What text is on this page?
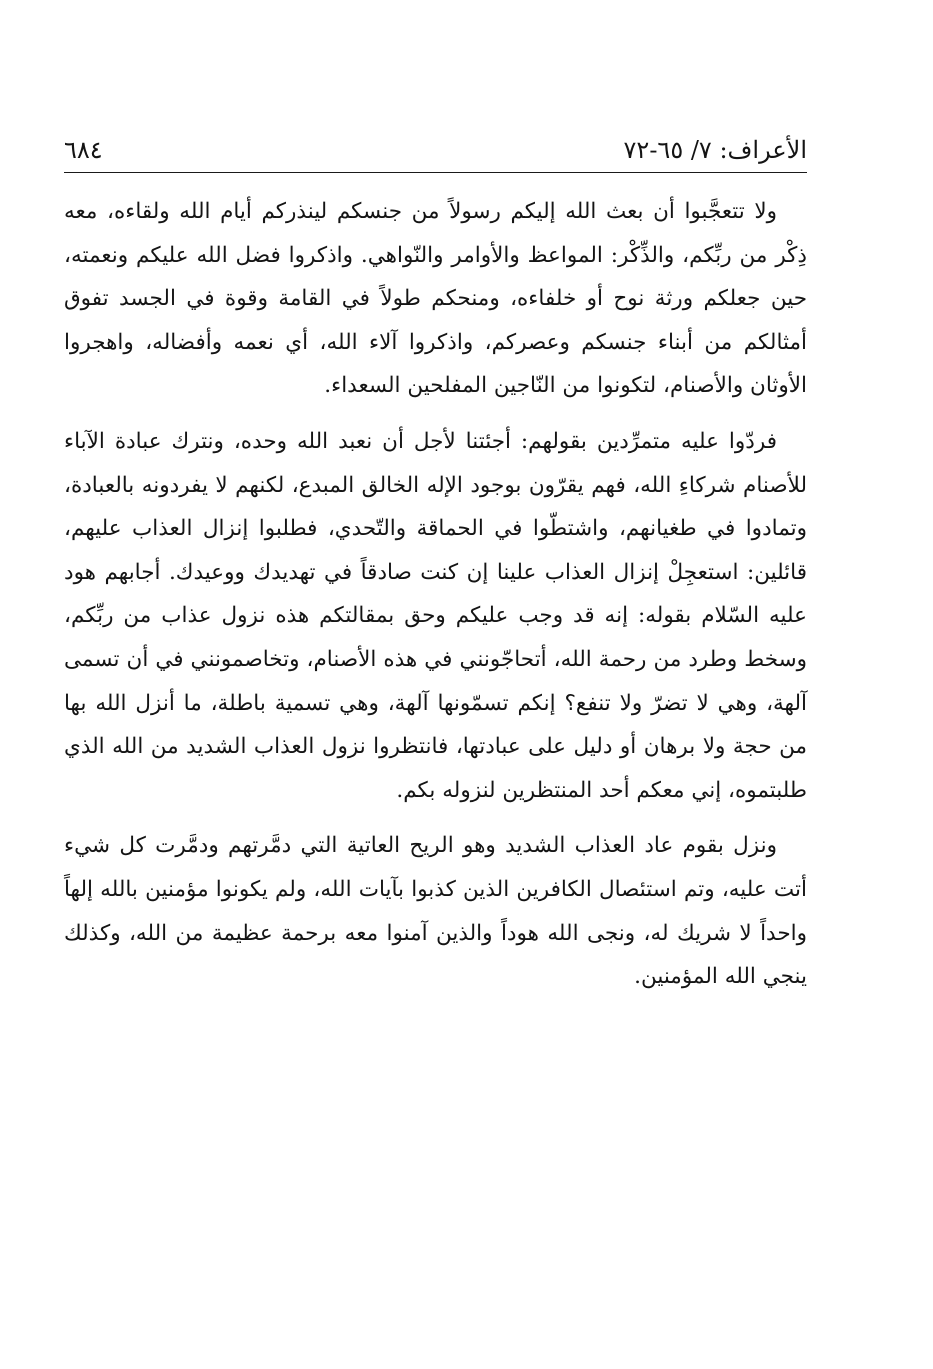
الأعراف: ٧/ ٦٥-٧٢
٦٨٤

ولا تتعجَّبوا أن بعث الله إليكم رسولاً من جنسكم لينذركم أيام الله ولقاءه، معه ذِكْر من ربِّكم، والذِّكْر: المواعظ والأوامر والنّواهي. واذكروا فضل الله عليكم ونعمته، حين جعلكم ورثة نوح أو خلفاءه، ومنحكم طولاً في القامة وقوة في الجسد تفوق أمثالكم من أبناء جنسكم وعصركم، واذكروا آلاء الله، أي نعمه وأفضاله، واهجروا الأوثان والأصنام، لتكونوا من النّاجين المفلحين السعداء.

فردّوا عليه متمرِّدين بقولهم: أجئتنا لأجل أن نعبد الله وحده، ونترك عبادة الآباء للأصنام شركاءِ الله، فهم يقرّون بوجود الإله الخالق المبدع، لكنهم لا يفردونه بالعبادة، وتمادوا في طغيانهم، واشتطّوا في الحماقة والتّحدي، فطلبوا إنزال العذاب عليهم، قائلين: استعجِلْ إنزال العذاب علينا إن كنت صادقاً في تهديدك ووعيدك. أجابهم هود عليه السّلام بقوله: إنه قد وجب عليكم وحق بمقالتكم هذه نزول عذاب من ربِّكم، وسخط وطرد من رحمة الله، أتحاجّونني في هذه الأصنام، وتخاصمونني في أن تسمى آلهة، وهي لا تضرّ ولا تنفع؟ إنكم تسمّونها آلهة، وهي تسمية باطلة، ما أنزل الله بها من حجة ولا برهان أو دليل على عبادتها، فانتظروا نزول العذاب الشديد من الله الذي طلبتموه، إني معكم أحد المنتظرين لنزوله بكم.

ونزل بقوم عاد العذاب الشديد وهو الريح العاتية التي دمَّرتهم ودمَّرت كل شيء أتت عليه، وتم استئصال الكافرين الذين كذبوا بآيات الله، ولم يكونوا مؤمنين بالله إلهاً واحداً لا شريك له، ونجى الله هوداً والذين آمنوا معه برحمة عظيمة من الله، وكذلك ينجي الله المؤمنين.
